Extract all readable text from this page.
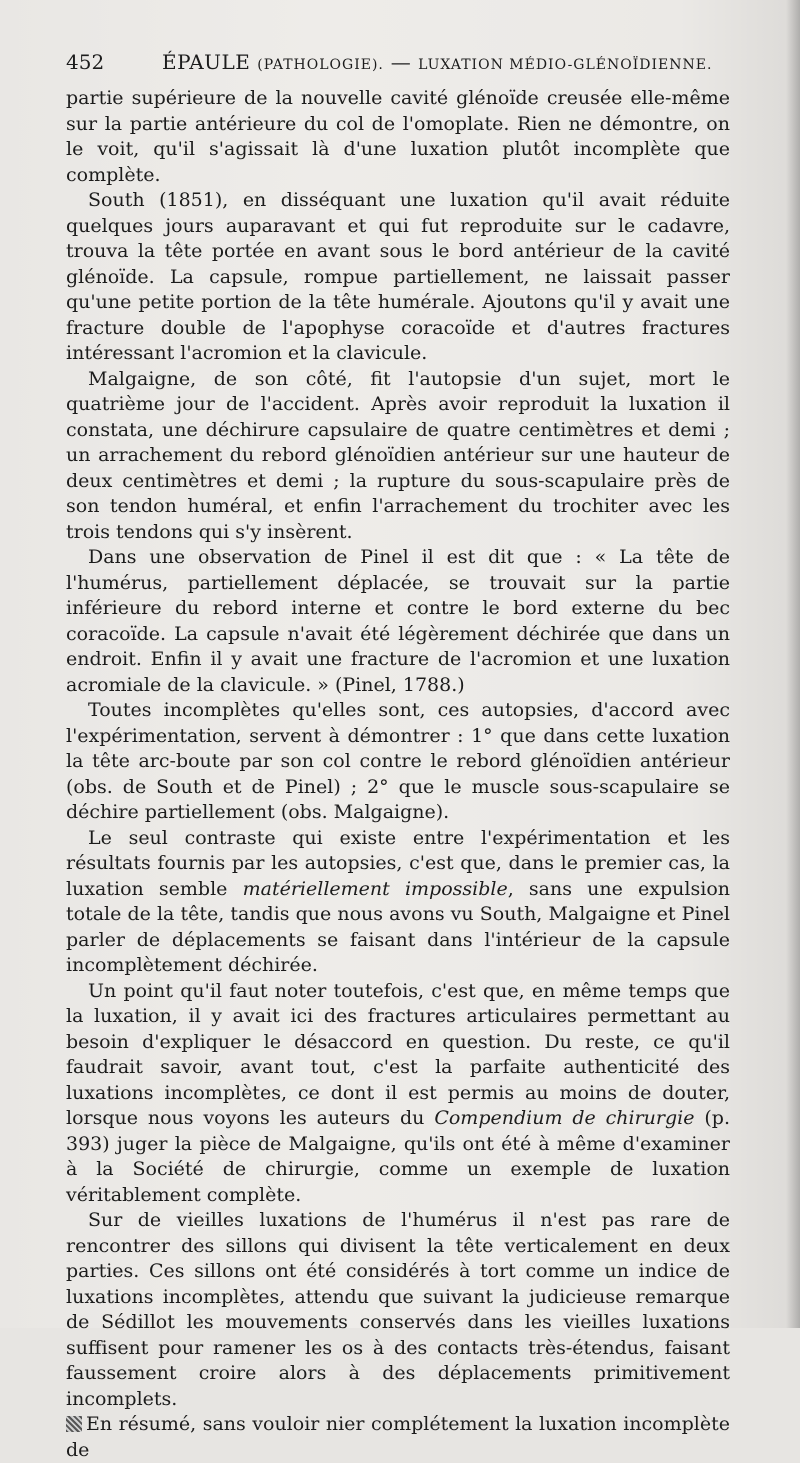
452	ÉPAULE (PATHOLOGIE). — LUXATION MÉDIO-GLÉNOÏDIENNE.

partie supérieure de la nouvelle cavité glénoïde creusée elle-même sur la partie antérieure du col de l'omoplate. Rien ne démontre, on le voit, qu'il s'agissait là d'une luxation plutôt incomplète que complète.

South (1851), en disséquant une luxation qu'il avait réduite quelques jours auparavant et qui fut reproduite sur le cadavre, trouva la tête portée en avant sous le bord antérieur de la cavité glénoïde. La capsule, rompue partiellement, ne laissait passer qu'une petite portion de la tête humérale. Ajoutons qu'il y avait une fracture double de l'apophyse coracoïde et d'autres fractures intéressant l'acromion et la clavicule.

Malgaigne, de son côté, fit l'autopsie d'un sujet, mort le quatrième jour de l'accident. Après avoir reproduit la luxation il constata, une déchirure capsulaire de quatre centimètres et demi ; un arrachement du rebord glénoïdien antérieur sur une hauteur de deux centimètres et demi ; la rupture du sous-scapulaire près de son tendon huméral, et enfin l'arrachement du trochiter avec les trois tendons qui s'y insèrent.

Dans une observation de Pinel il est dit que : « La tête de l'humérus, partiellement déplacée, se trouvait sur la partie inférieure du rebord interne et contre le bord externe du bec coracoïde. La capsule n'avait été légèrement déchirée que dans un endroit. Enfin il y avait une fracture de l'acromion et une luxation acromiale de la clavicule. » (Pinel, 1788.)

Toutes incomplètes qu'elles sont, ces autopsies, d'accord avec l'expérimentation, servent à démontrer : 1° que dans cette luxation la tête arc-boute par son col contre le rebord glénoïdien antérieur (obs. de South et de Pinel) ; 2° que le muscle sous-scapulaire se déchire partiellement (obs. Malgaigne).

Le seul contraste qui existe entre l'expérimentation et les résultats fournis par les autopsies, c'est que, dans le premier cas, la luxation semble matériellement impossible, sans une expulsion totale de la tête, tandis que nous avons vu South, Malgaigne et Pinel parler de déplacements se faisant dans l'intérieur de la capsule incomplètement déchirée.

Un point qu'il faut noter toutefois, c'est que, en même temps que la luxation, il y avait ici des fractures articulaires permettant au besoin d'expliquer le désaccord en question. Du reste, ce qu'il faudrait savoir, avant tout, c'est la parfaite authenticité des luxations incomplètes, ce dont il est permis au moins de douter, lorsque nous voyons les auteurs du Compendium de chirurgie (p. 393) juger la pièce de Malgaigne, qu'ils ont été à même d'examiner à la Société de chirurgie, comme un exemple de luxation véritablement complète.

Sur de vieilles luxations de l'humérus il n'est pas rare de rencontrer des sillons qui divisent la tête verticalement en deux parties. Ces sillons ont été considérés à tort comme un indice de luxations incomplètes, attendu que suivant la judicieuse remarque de Sédillot les mouvements conservés dans les vieilles luxations suffisent pour ramener les os à des contacts très-étendus, faisant faussement croire alors à des déplacements primitivement incomplets.

En résumé, sans vouloir nier complétement la luxation incomplète de
